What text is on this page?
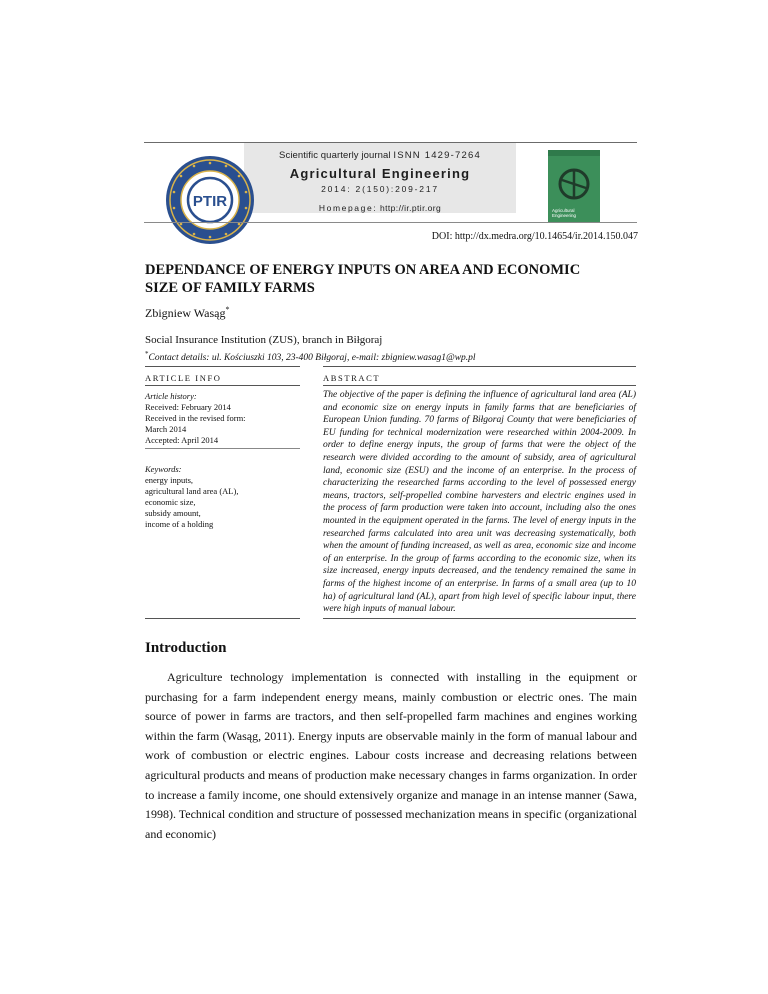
PTIR
Scientific quarterly journal ISNN 1429-7264
Agricultural Engineering
2014: 2(150):209-217
Homepage: http://ir.ptir.org	Agricultural
Engineering
DOI: http://dx.medra.org/10.14654/ir.2014.150.047
DEPENDANCE OF ENERGY INPUTS ON AREA AND ECONOMIC SIZE OF FAMILY FARMS
Zbigniew Wasąg*
Social Insurance Institution (ZUS), branch in Biłgoraj
*Contact details: ul. Kościuszki 103, 23-400 Biłgoraj, e-mail: zbigniew.wasag1@wp.pl
ARTICLE INFO
Article history:
Received: February 2014
Received in the revised form:
March 2014
Accepted: April 2014
Keywords:
energy inputs,
agricultural land area (AL),
economic size,
subsidy amount,
income of a holding
ABSTRACT
The objective of the paper is defining the influence of agricultural land area (AL) and economic size on energy inputs in family farms that are beneficiaries of European Union funding. 70 farms of Biłgoraj County that were beneficiaries of EU funding for technical modernization were researched within 2004-2009. In order to define energy inputs, the group of farms that were the object of the research were divided according to the amount of subsidy, area of agricultural land, economic size (ESU) and the income of an enterprise. In the process of characterizing the researched farms according to the level of possessed energy means, tractors, self-propelled combine harvesters and electric engines used in the process of farm production were taken into account, including also the ones mounted in the equipment operated in the farms. The level of energy inputs in the researched farms calculated into area unit was decreasing systematically, both when the amount of funding increased, as well as area, economic size and income of an enterprise. In the group of farms according to the economic size, when its size increased, energy inputs decreased, and the tendency remained the same in farms of the highest income of an enterprise. In farms of a small area (up to 10 ha) of agricultural land (AL), apart from high level of specific labour input, there were high inputs of manual labour.
Introduction
Agriculture technology implementation is connected with installing in the equipment or purchasing for a farm independent energy means, mainly combustion or electric ones. The main source of power in farms are tractors, and then self-propelled farm machines and engines working within the farm (Wasąg, 2011). Energy inputs are observable mainly in the form of manual labour and work of combustion or electric engines. Labour costs increase and decreasing relations between agricultural products and means of production make necessary changes in farms organization. In order to increase a family income, one should extensively organize and manage in an intense manner (Sawa, 1998). Technical condition and structure of possessed mechanization means in specific (organizational and economic)
